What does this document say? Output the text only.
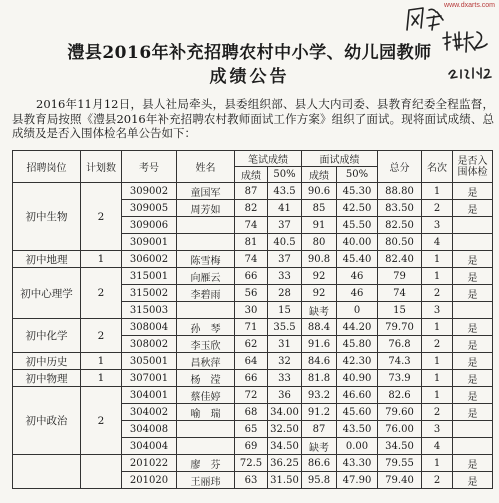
www.dxarts.com
澧县2016年补充招聘农村中小学、幼儿园教师
成绩公告
2016年11月12日，县人社局牵头，县委组织部、县人大内司委、县教育纪委全程监督，县教育局按照《澧县2016年补充招聘农村教师面试工作方案》组织了面试。现将面试成绩、总成绩及是否入围体检名单公告如下：
招聘岗位	计划数	考号	姓名	笔试成绩		面试成绩		总分	名次	是否入围体检
				成绩	50%	成绩	50%			
初中生物	2	309002	童国军	87	43.5	90.6	45.30	88.80	1	是
		309005	周芳如	82	41	85	42.50	83.50	2	是
		309006		74	37	91	45.50	82.50	3	
		309001		81	40.5	80	40.00	80.50	4	
初中地理	1	306002	陈雪梅	74	37	90.8	45.40	82.40	1	是
初中心理学	2	315001	向雁云	66	33	92	46	79	1	是
		315002	李碧雨	56	28	92	46	74	2	是
		315003		30	15	缺考	0	15	3	
初中化学	2	308004	孙　琴	71	35.5	88.4	44.20	79.70	1	是
		308002	李玉欣	62	31	91.6	45.80	76.8	2	是
初中历史	1	305001	昌秋萍	64	32	84.6	42.30	74.3	1	是
初中物理	1	307001	杨　滢	66	33	81.8	40.90	73.9	1	是
初中政治	2	304001	蔡佳婷	72	36	93.2	46.60	82.6	1	是
		304002	喻　瑞	68	34.00	91.2	45.60	79.60	2	是
		304008		65	32.50	87	43.50	76.00	3	
		304004		69	34.50	缺考	0.00	34.50	4	
		201022	廖　芬	72.5	36.25	86.6	43.30	79.55	1	是
		201020	王丽玮	63	31.50	95.8	47.90	79.40	2	是
